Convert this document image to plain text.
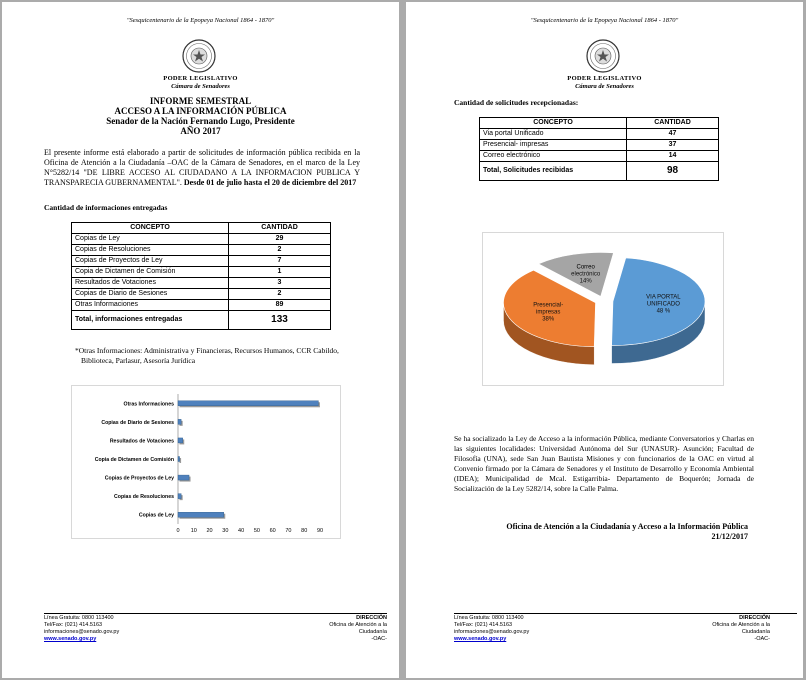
"Sesquicentenario de la Epopeya Nacional 1864 - 1870"
PODER LEGISLATIVO
Cámara de Senadores
INFORME SEMESTRAL
ACCESO A LA INFORMACIÓN PÚBLICA
Senador de la Nación Fernando Lugo, Presidente
AÑO 2017
El presente informe está elaborado a partir de solicitudes de información pública recibida en la Oficina de Atención a la Ciudadanía –OAC de la Cámara de Senadores, en el marco de la Ley N°5282/14 "DE LIBRE ACCESO AL CIUDADANO A LA INFORMACION PUBLICA Y TRANSPARECIA GUBERNAMENTAL". Desde 01 de julio hasta el 20 de diciembre del 2017
Cantidad de informaciones entregadas
CONCEPTO	CANTIDAD
Copias de Ley	29
Copias de Resoluciones	2
Copias de Proyectos de Ley	7
Copia de Dictamen de Comisión	1
Resultados de Votaciones	3
Copias de Diario de Sesiones	2
Otras Informaciones	89
Total, informaciones entregadas	133
*Otras Informaciones: Administrativa y Financieras, Recursos Humanos, CCR Cabildo,
Biblioteca, Parlasur, Asesoría Jurídica
Copias de Ley
Copias de Resoluciones
Copias de Proyectos de Ley
Copia de Dictamen de Comisión
Resultados de Votaciones
Copias de Diario de Sesiones
Otras Informaciones
0 10 20 30 40 50 60 70 80 90
Línea Gratuita: 0800 113400
Tel/Fax: (021) 414.5163
informaciones@senado.gov.py
www.senado.gov.py
DIRECCIÓN
Oficina de Atención a la
Ciudadanía
-OAC-
"Sesquicentenario de la Epopeya Nacional 1864 - 1870"
PODER LEGISLATIVO
Cámara de Senadores
Cantidad de solicitudes recepcionadas:
CONCEPTO	CANTIDAD
Via portal Unificado	47
Presencial- impresas	37
Correo electrónico	14
Total, Solicitudes recibidas	98
VIA PORTAL
UNIFICADO
48 %
Presencial-
impresas
38%
Correo
electrónico
14%
Se ha socializado la Ley de Acceso a la información Pública, mediante Conversatorios y Charlas en las siguientes localidades: Universidad Autónoma del Sur (UNASUR)- Asunción; Facultad de Filosofía (UNA), sede San Juan Bautista Misiones y con funcionarios de la OAC en virtud al Convenio firmado por la Cámara de Senadores y el Instituto de Desarrollo y Economía Ambiental (IDEA); Municipalidad de Mcal. Estigarribia- Departamento de Boquerón; Jornada de Socialización de la Ley 5282/14, sobre la Calle Palma.
Oficina de Atención a la Ciudadanía y Acceso a la Información Pública
21/12/2017
Línea Gratuita: 0800 113400
Tel/Fax: (021) 414.5163
informaciones@senado.gov.py
www.senado.gov.py
DIRECCIÓN
Oficina de Atención a la
Ciudadanía
-OAC-
